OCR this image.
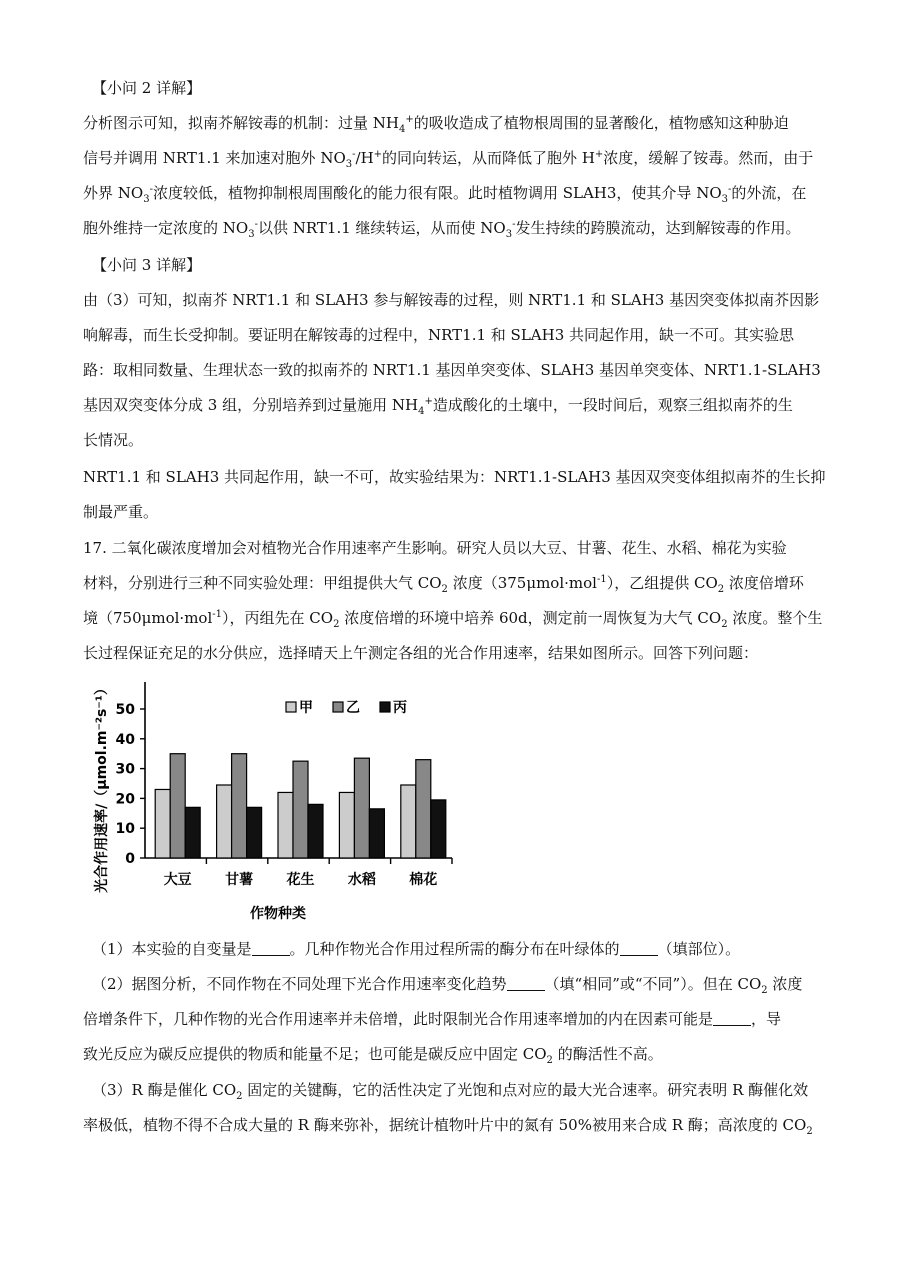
【小问 2 详解】
分析图示可知，拟南芥解铵毒的机制：过量 $NH_4^+$的吸收造成了植物根周围的显著酸化，植物感知这种胁迫
信号并调用 NRT1.1 来加速对胞外 $NO_3^-/H^+$的同向转运，从而降低了胞外 H+浓度，缓解了铵毒。然而，由于
外界 $NO_3^-$浓度较低，植物抑制根周围酸化的能力很有限。此时植物调用 SLAH3，使其介导 $NO_3^-$的外流，在
胞外维持一定浓度的 $NO_3^-$以供 NRT1.1 继续转运，从而使 $NO_3^-$发生持续的跨膜流动，达到解铵毒的作用。
【小问 3 详解】
由（3）可知，拟南芥 NRT1.1 和 SLAH3 参与解铵毒的过程，则 NRT1.1 和 SLAH3 基因突变体拟南芥因影
响解毒，而生长受抑制。要证明在解铵毒的过程中，NRT1.1 和 SLAH3 共同起作用，缺一不可。其实验思
路：取相同数量、生理状态一致的拟南芥的 NRT1.1 基因单突变体、SLAH3 基因单突变体、NRT1.1-SLAH3
基因双突变体分成 3 组，分别培养到过量施用 $NH_4^+$造成酸化的土壤中，一段时间后，观察三组拟南芥的生
长情况。
NRT1.1 和 SLAH3 共同起作用，缺一不可，故实验结果为：NRT1.1-SLAH3 基因双突变体组拟南芥的生长抑
制最严重。
17. 二氧化碳浓度增加会对植物光合作用速率产生影响。研究人员以大豆、甘薯、花生、水稻、棉花为实验
材料，分别进行三种不同实验处理：甲组提供大气 $CO_2$ 浓度（375μmol·mol$^{-1}$），乙组提供 $CO_2$ 浓度倍增环
境（750μmol·mol$^{-1}$），丙组先在 $CO_2$ 浓度倍增的环境中培养 60d，测定前一周恢复为大气 $CO_2$ 浓度。整个生
长过程保证充足的水分供应，选择晴天上午测定各组的光合作用速率，结果如图所示。回答下列问题：
0
10
20
30
40
50
大豆 甘薯 花生 水稻 棉花
甲 乙 丙
光合作用速率/（μmol.m⁻²s⁻¹）
作物种类
（1）本实验的自变量是	。几种作物光合作用过程所需的酶分布在叶绿体的	（填部位）。
（2）据图分析，不同作物在不同处理下光合作用速率变化趋势	（填“相同”或“不同”）。但在 $CO_2$ 浓度
倍增条件下，几种作物的光合作用速率并未倍增，此时限制光合作用速率增加的内在因素可能是	，导
致光反应为碳反应提供的物质和能量不足；也可能是碳反应中固定 $CO_2$ 的酶活性不高。
（3）R 酶是催化 $CO_2$ 固定的关键酶，它的活性决定了光饱和点对应的最大光合速率。研究表明 R 酶催化效
率极低，植物不得不合成大量的 R 酶来弥补，据统计植物叶片中的氮有 50%被用来合成 R 酶；高浓度的 $CO_2$
